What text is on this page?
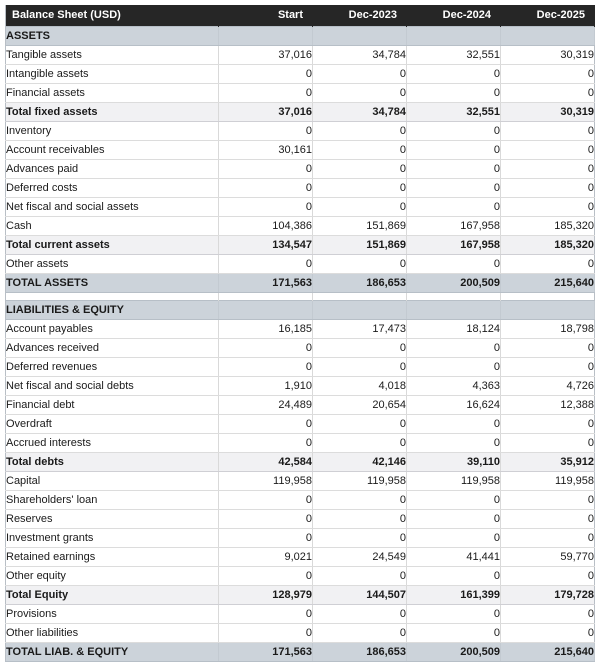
Balance Sheet (USD)	Start	Dec-2023	Dec-2024	Dec-2025
ASSETS				
Tangible assets	37,016	34,784	32,551	30,319
Intangible assets	0	0	0	0
Financial assets	0	0	0	0
Total fixed assets	37,016	34,784	32,551	30,319
Inventory	0	0	0	0
Account receivables	30,161	0	0	0
Advances paid	0	0	0	0
Deferred costs	0	0	0	0
Net fiscal and social assets	0	0	0	0
Cash	104,386	151,869	167,958	185,320
Total current assets	134,547	151,869	167,958	185,320
Other assets	0	0	0	0
TOTAL ASSETS	171,563	186,653	200,509	215,640

LIABILITIES & EQUITY				
Account payables	16,185	17,473	18,124	18,798
Advances received	0	0	0	0
Deferred revenues	0	0	0	0
Net fiscal and social debts	1,910	4,018	4,363	4,726
Financial debt	24,489	20,654	16,624	12,388
Overdraft	0	0	0	0
Accrued interests	0	0	0	0
Total debts	42,584	42,146	39,110	35,912
Capital	119,958	119,958	119,958	119,958
Shareholders' loan	0	0	0	0
Reserves	0	0	0	0
Investment grants	0	0	0	0
Retained earnings	9,021	24,549	41,441	59,770
Other equity	0	0	0	0
Total Equity	128,979	144,507	161,399	179,728
Provisions	0	0	0	0
Other liabilities	0	0	0	0
TOTAL LIAB. & EQUITY	171,563	186,653	200,509	215,640
